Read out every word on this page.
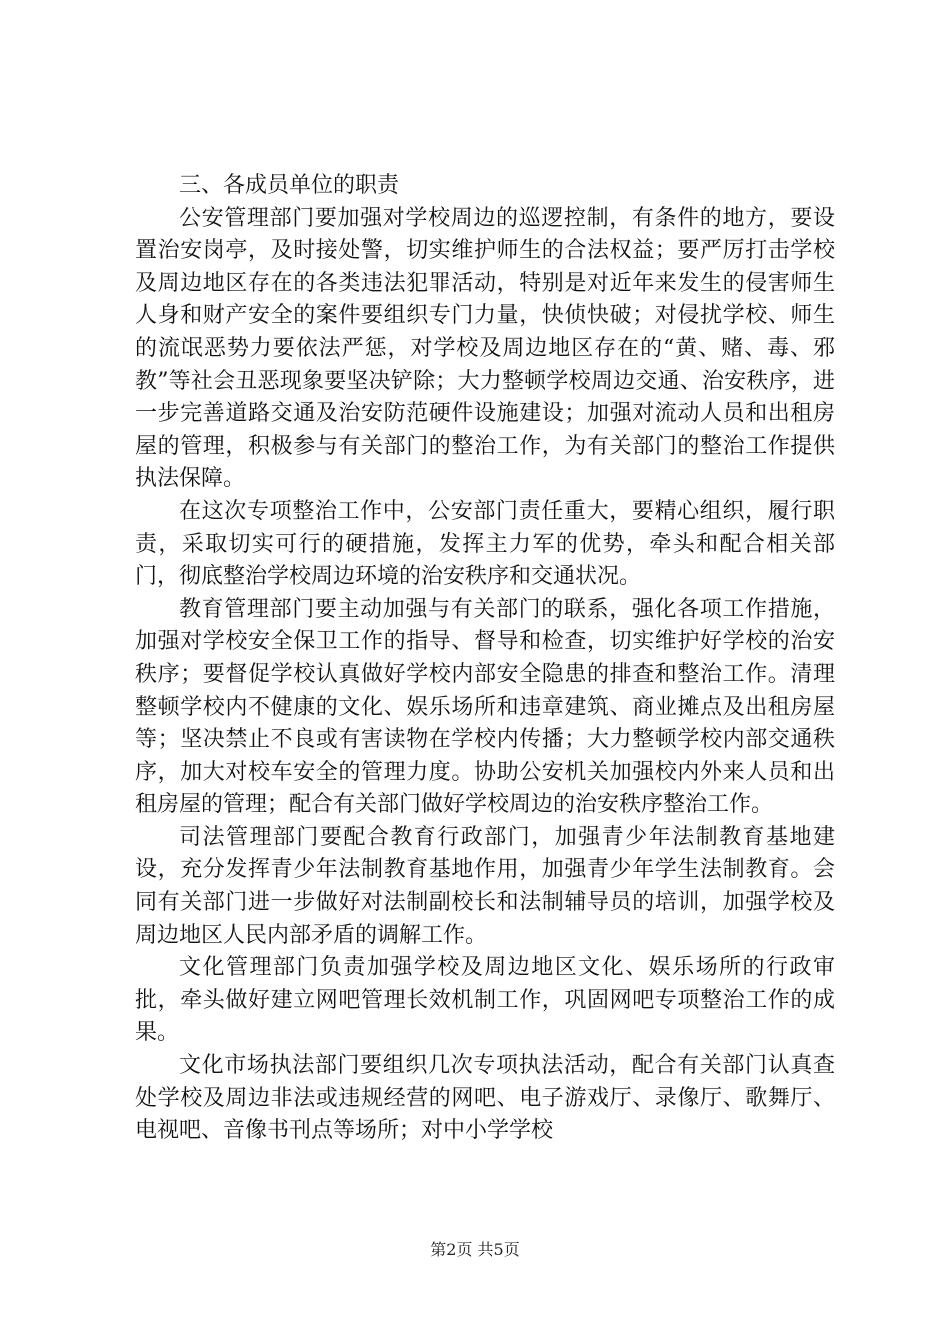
三、各成员单位的职责

公安管理部门要加强对学校周边的巡逻控制，有条件的地方，要设置治安岗亭，及时接处警，切实维护师生的合法权益；要严厉打击学校及周边地区存在的各类违法犯罪活动，特别是对近年来发生的侵害师生人身和财产安全的案件要组织专门力量，快侦快破；对侵扰学校、师生的流氓恶势力要依法严惩，对学校及周边地区存在的“黄、赌、毒、邪教”等社会丑恶现象要坚决铲除；大力整顿学校周边交通、治安秩序，进一步完善道路交通及治安防范硬件设施建设；加强对流动人员和出租房屋的管理，积极参与有关部门的整治工作，为有关部门的整治工作提供执法保障。

在这次专项整治工作中，公安部门责任重大，要精心组织，履行职责，采取切实可行的硬措施，发挥主力军的优势，牵头和配合相关部门，彻底整治学校周边环境的治安秩序和交通状况。

教育管理部门要主动加强与有关部门的联系，强化各项工作措施，加强对学校安全保卫工作的指导、督导和检查，切实维护好学校的治安秩序；要督促学校认真做好学校内部安全隐患的排查和整治工作。清理整顿学校内不健康的文化、娱乐场所和违章建筑、商业摊点及出租房屋等；坚决禁止不良或有害读物在学校内传播；大力整顿学校内部交通秩序，加大对校车安全的管理力度。协助公安机关加强校内外来人员和出租房屋的管理；配合有关部门做好学校周边的治安秩序整治工作。

司法管理部门要配合教育行政部门，加强青少年法制教育基地建设，充分发挥青少年法制教育基地作用，加强青少年学生法制教育。会同有关部门进一步做好对法制副校长和法制辅导员的培训，加强学校及周边地区人民内部矛盾的调解工作。

文化管理部门负责加强学校及周边地区文化、娱乐场所的行政审批，牵头做好建立网吧管理长效机制工作，巩固网吧专项整治工作的成果。

文化市场执法部门要组织几次专项执法活动，配合有关部门认真查处学校及周边非法或违规经营的网吧、电子游戏厅、录像厅、歌舞厅、电视吧、音像书刊点等场所；对中小学学校

第2页 共5页
